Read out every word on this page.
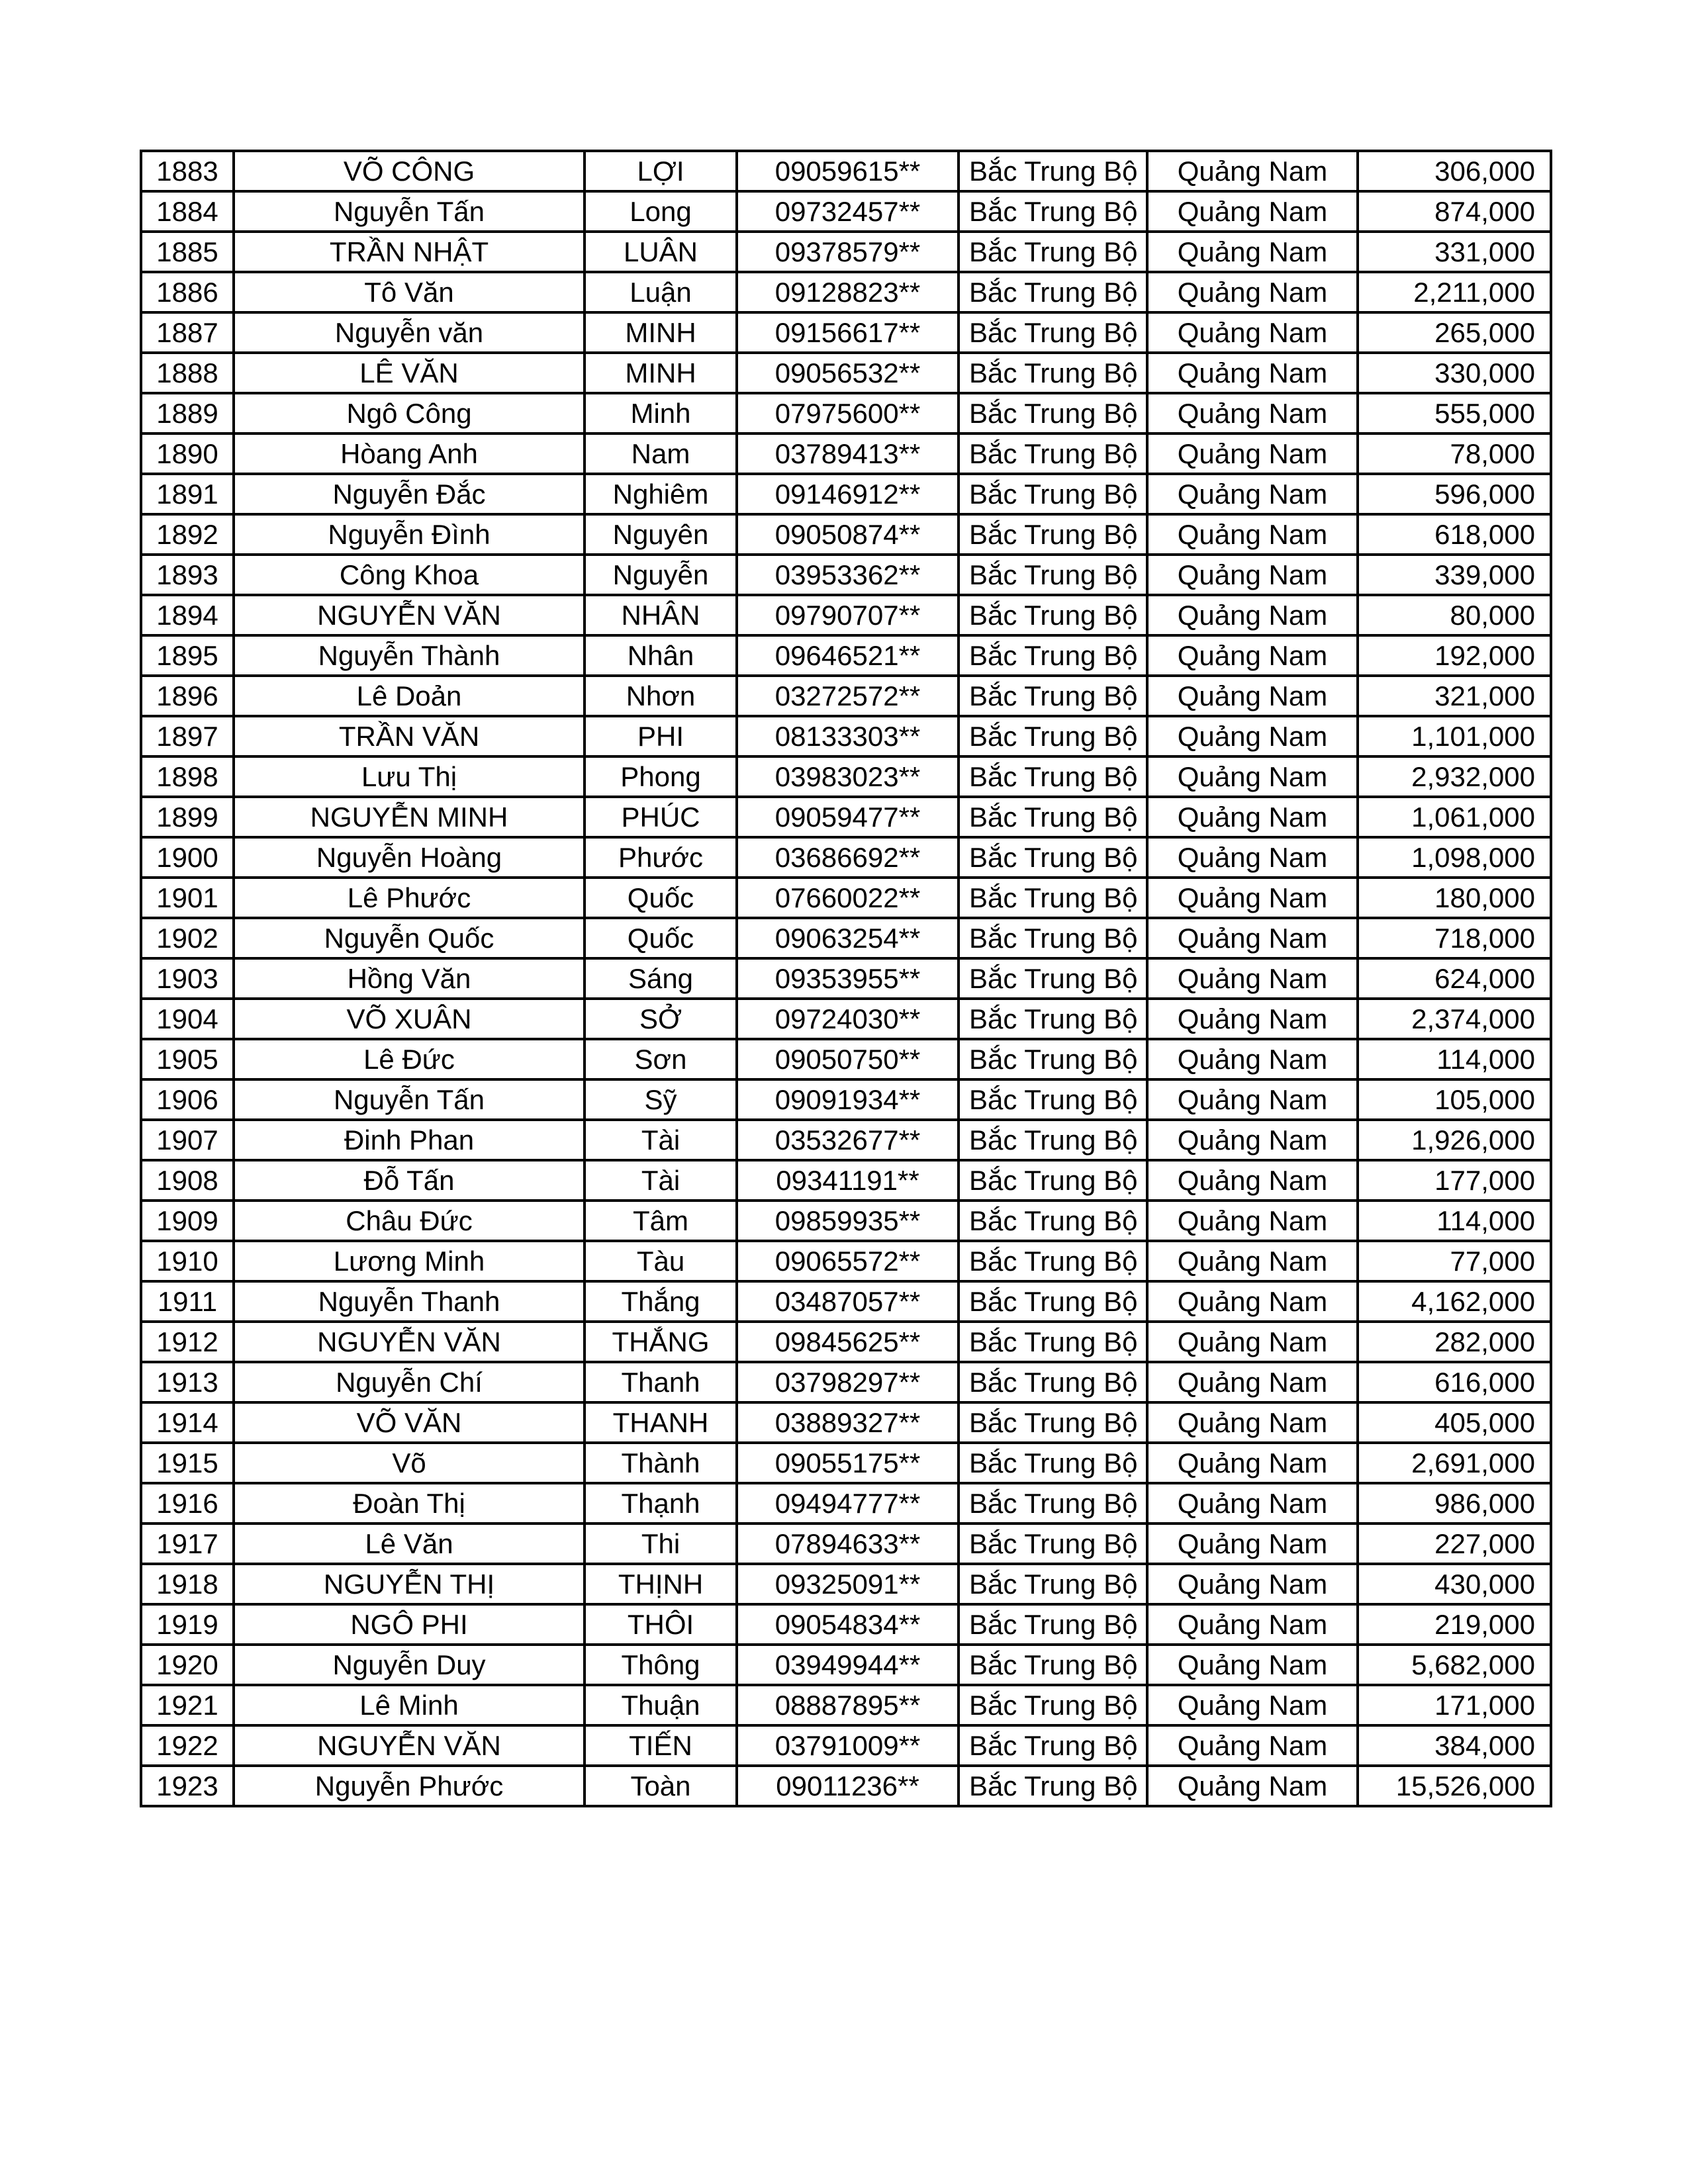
1883	VÕ CÔNG	LỢI	09059615**	Bắc Trung Bộ	Quảng Nam	306,000
1884	Nguyễn Tấn	Long	09732457**	Bắc Trung Bộ	Quảng Nam	874,000
1885	TRẦN NHẬT	LUÂN	09378579**	Bắc Trung Bộ	Quảng Nam	331,000
1886	Tô Văn	Luận	09128823**	Bắc Trung Bộ	Quảng Nam	2,211,000
1887	Nguyễn văn	MINH	09156617**	Bắc Trung Bộ	Quảng Nam	265,000
1888	LÊ VĂN	MINH	09056532**	Bắc Trung Bộ	Quảng Nam	330,000
1889	Ngô Công	Minh	07975600**	Bắc Trung Bộ	Quảng Nam	555,000
1890	Hòang Anh	Nam	03789413**	Bắc Trung Bộ	Quảng Nam	78,000
1891	Nguyễn Đắc	Nghiêm	09146912**	Bắc Trung Bộ	Quảng Nam	596,000
1892	Nguyễn Đình	Nguyên	09050874**	Bắc Trung Bộ	Quảng Nam	618,000
1893	Công Khoa	Nguyễn	03953362**	Bắc Trung Bộ	Quảng Nam	339,000
1894	NGUYỄN VĂN	NHÂN	09790707**	Bắc Trung Bộ	Quảng Nam	80,000
1895	Nguyễn Thành	Nhân	09646521**	Bắc Trung Bộ	Quảng Nam	192,000
1896	Lê Doản	Nhơn	03272572**	Bắc Trung Bộ	Quảng Nam	321,000
1897	TRẦN VĂN	PHI	08133303**	Bắc Trung Bộ	Quảng Nam	1,101,000
1898	Lưu Thị	Phong	03983023**	Bắc Trung Bộ	Quảng Nam	2,932,000
1899	NGUYỄN MINH	PHÚC	09059477**	Bắc Trung Bộ	Quảng Nam	1,061,000
1900	Nguyễn Hoàng	Phước	03686692**	Bắc Trung Bộ	Quảng Nam	1,098,000
1901	Lê Phước	Quốc	07660022**	Bắc Trung Bộ	Quảng Nam	180,000
1902	Nguyễn Quốc	Quốc	09063254**	Bắc Trung Bộ	Quảng Nam	718,000
1903	Hồng Văn	Sáng	09353955**	Bắc Trung Bộ	Quảng Nam	624,000
1904	VÕ XUÂN	SỞ	09724030**	Bắc Trung Bộ	Quảng Nam	2,374,000
1905	Lê Đức	Sơn	09050750**	Bắc Trung Bộ	Quảng Nam	114,000
1906	Nguyễn Tấn	Sỹ	09091934**	Bắc Trung Bộ	Quảng Nam	105,000
1907	Đinh Phan	Tài	03532677**	Bắc Trung Bộ	Quảng Nam	1,926,000
1908	Đỗ Tấn	Tài	09341191**	Bắc Trung Bộ	Quảng Nam	177,000
1909	Châu Đức	Tâm	09859935**	Bắc Trung Bộ	Quảng Nam	114,000
1910	Lương Minh	Tàu	09065572**	Bắc Trung Bộ	Quảng Nam	77,000
1911	Nguyễn Thanh	Thắng	03487057**	Bắc Trung Bộ	Quảng Nam	4,162,000
1912	NGUYỄN VĂN	THẮNG	09845625**	Bắc Trung Bộ	Quảng Nam	282,000
1913	Nguyễn Chí	Thanh	03798297**	Bắc Trung Bộ	Quảng Nam	616,000
1914	VÕ VĂN	THANH	03889327**	Bắc Trung Bộ	Quảng Nam	405,000
1915	Võ	Thành	09055175**	Bắc Trung Bộ	Quảng Nam	2,691,000
1916	Đoàn Thị	Thạnh	09494777**	Bắc Trung Bộ	Quảng Nam	986,000
1917	Lê Văn	Thi	07894633**	Bắc Trung Bộ	Quảng Nam	227,000
1918	NGUYỄN THỊ	THỊNH	09325091**	Bắc Trung Bộ	Quảng Nam	430,000
1919	NGÔ PHI	THÔI	09054834**	Bắc Trung Bộ	Quảng Nam	219,000
1920	Nguyễn Duy	Thông	03949944**	Bắc Trung Bộ	Quảng Nam	5,682,000
1921	Lê Minh	Thuận	08887895**	Bắc Trung Bộ	Quảng Nam	171,000
1922	NGUYỄN VĂN	TIẾN	03791009**	Bắc Trung Bộ	Quảng Nam	384,000
1923	Nguyễn Phước	Toàn	09011236**	Bắc Trung Bộ	Quảng Nam	15,526,000
